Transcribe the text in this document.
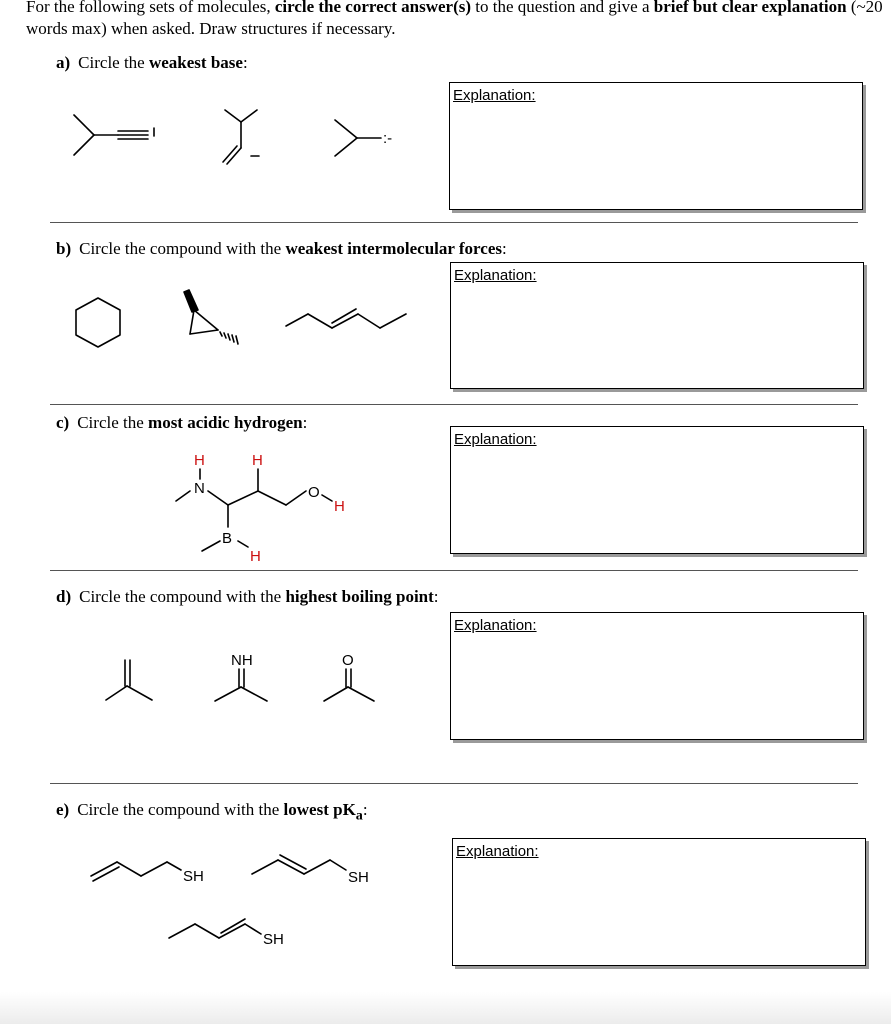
For the following sets of molecules, circle the correct answer(s) to the question and give a brief but clear explanation (~20 words max) when asked. Draw structures if necessary.
a) Circle the weakest base:
:-
Explanation:
b) Circle the compound with the weakest intermolecular forces:
Explanation:
c) Circle the most acidic hydrogen:
H
N
H
O
H
B
H
Explanation:
d) Circle the compound with the highest boiling point:
NH	O
Explanation:
e) Circle the compound with the lowest $pK_a$:
SH	SH
SH
Explanation:
